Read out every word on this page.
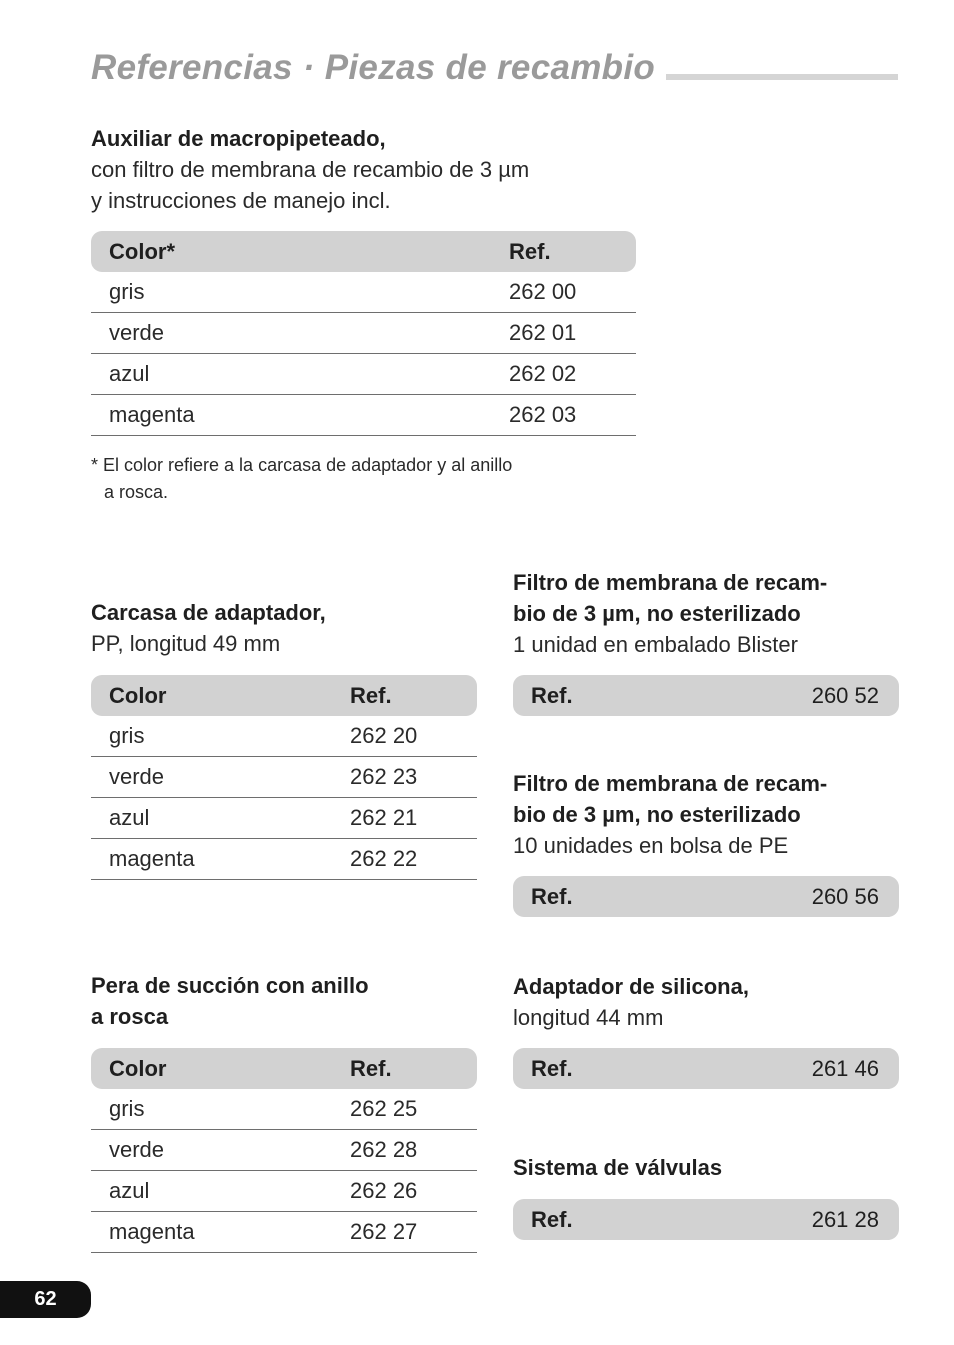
Referencias · Piezas de recambio

Auxiliar de macropipeteado,

con filtro de membrana de recambio de 3 µm

y instrucciones de manejo incl.

Color*	Ref.
gris	262 00
verde	262 01
azul	262 02
magenta	262 03
* El color refiere a la carcasa de adaptador y al anillo
a rosca.

Carcasa de adaptador,

PP, longitud 49 mm

Color	Ref.
gris	262 20
verde	262 23
azul	262 21
magenta	262 22

Pera de succión con anillo

a rosca

Color	Ref.
gris	262 25
verde	262 28
azul	262 26
magenta	262 27

Filtro de membrana de recam-

bio de 3 µm, no esterilizado

1 unidad en embalado Blister

Ref.	260 52

Filtro de membrana de recam-

bio de 3 µm, no esterilizado

10 unidades en bolsa de PE

Ref.	260 56

Adaptador de silicona,

longitud 44 mm

Ref.	261 46

Sistema de válvulas

Ref.	261 28
62
